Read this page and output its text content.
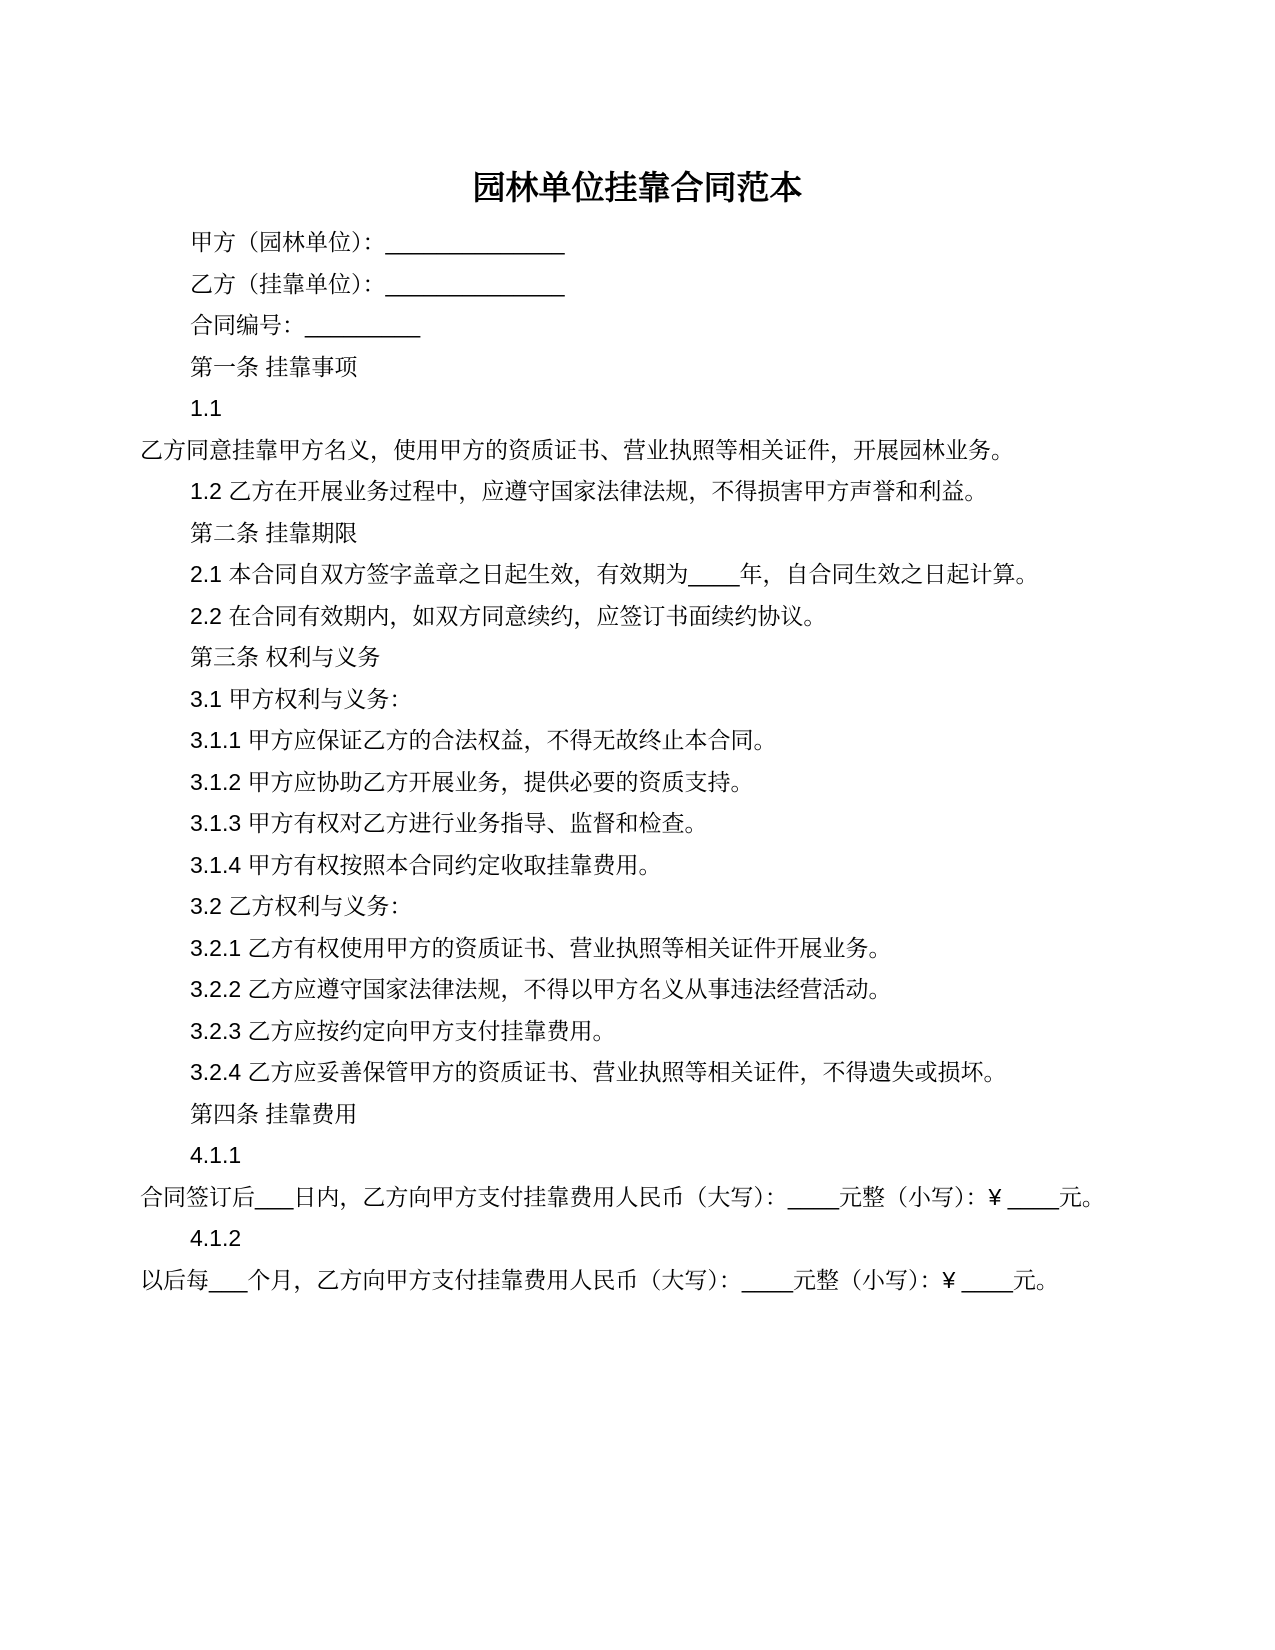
园林单位挂靠合同范本

甲方（园林单位）：______________

乙方（挂靠单位）：______________

合同编号：_________

第一条 挂靠事项

1.1

乙方同意挂靠甲方名义，使用甲方的资质证书、营业执照等相关证件，开展园林业务。

1.2 乙方在开展业务过程中，应遵守国家法律法规，不得损害甲方声誉和利益。

第二条 挂靠期限

2.1 本合同自双方签字盖章之日起生效，有效期为____年，自合同生效之日起计算。

2.2 在合同有效期内，如双方同意续约，应签订书面续约协议。

第三条 权利与义务

3.1 甲方权利与义务：

3.1.1 甲方应保证乙方的合法权益，不得无故终止本合同。

3.1.2 甲方应协助乙方开展业务，提供必要的资质支持。

3.1.3 甲方有权对乙方进行业务指导、监督和检查。

3.1.4 甲方有权按照本合同约定收取挂靠费用。

3.2 乙方权利与义务：

3.2.1 乙方有权使用甲方的资质证书、营业执照等相关证件开展业务。

3.2.2 乙方应遵守国家法律法规，不得以甲方名义从事违法经营活动。

3.2.3 乙方应按约定向甲方支付挂靠费用。

3.2.4 乙方应妥善保管甲方的资质证书、营业执照等相关证件，不得遗失或损坏。

第四条 挂靠费用

4.1.1

合同签订后___日内，乙方向甲方支付挂靠费用人民币（大写）：____元整（小写）：¥ ____元。

4.1.2

以后每___个月，乙方向甲方支付挂靠费用人民币（大写）：____元整（小写）：¥ ____元。
